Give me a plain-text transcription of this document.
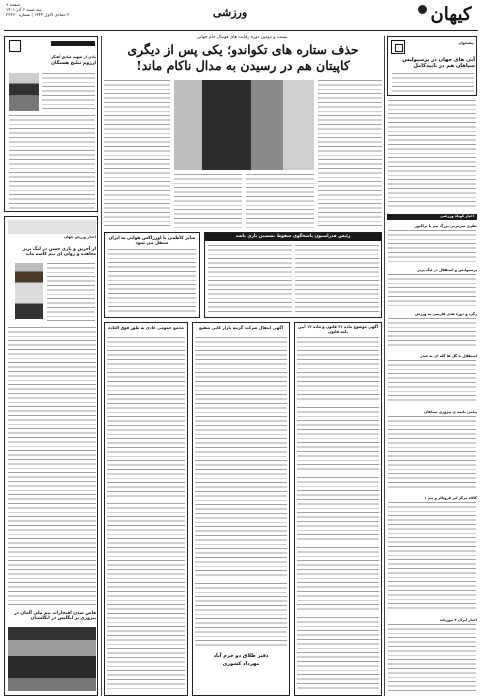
صفحه ۹
سه شنبه ۶ آذر ۱۴۰۱
۲ جمادی الاول ۱۴۴۴ | شماره ۲۲۳۶۰	ورزشی	کیهان
پیشخوان
آبی های جهان در پرسپولیس سپاهان هم در تاییدکامل
اخبار کوتاه ورزشی
نظری سرمربی بزرگ تیم یا تراکتور
پرسپولیس و استقلال در لیگ برتر
زگرد و دوره هدی فارسی به ورزش
استقلال با گل ها گله ای به صدر
پیامی باتمه ی پیروزی سپاهان
کالاه مرکز لیر فروتالر و تیم ۱
اخبار ایران ۳ نیوزیلند
یادی از شهید صادق آهنگر
ارزوم نیلیج هستگان
اخبار ورزش جهان
از آخرین و بازی خشن در لیگ برتر معاهده و رولی ای تیم کاسه ماند
قاش شدن افتخارات تیم ملی آلمان در پیروزی بر انگلیس در انگلستان
بیست و دومین دوره رقابت های فوتبال جام جهانی
حذف ستاره های تکواندو؛ یکی پس از دیگری
کاپیتان هم در رسیدن به مدال ناکام ماند!
صابر کاظمی با اورزاکس هوایی به ایران منتقل می شود
رئیس فدراسیون پاسخگوی سقوط نشستن بازی باشد
مجمع عمومی عادی به طور فوق العاده	آگهی انتقال شرکت گزینه بازار کانی شفیع
دفتر طلاق دو خرم آباد
مهرداد کشوری
آگهی موضوع ماده ۲۱ قانون و ماده ۱۳ آیین نامه قانون
